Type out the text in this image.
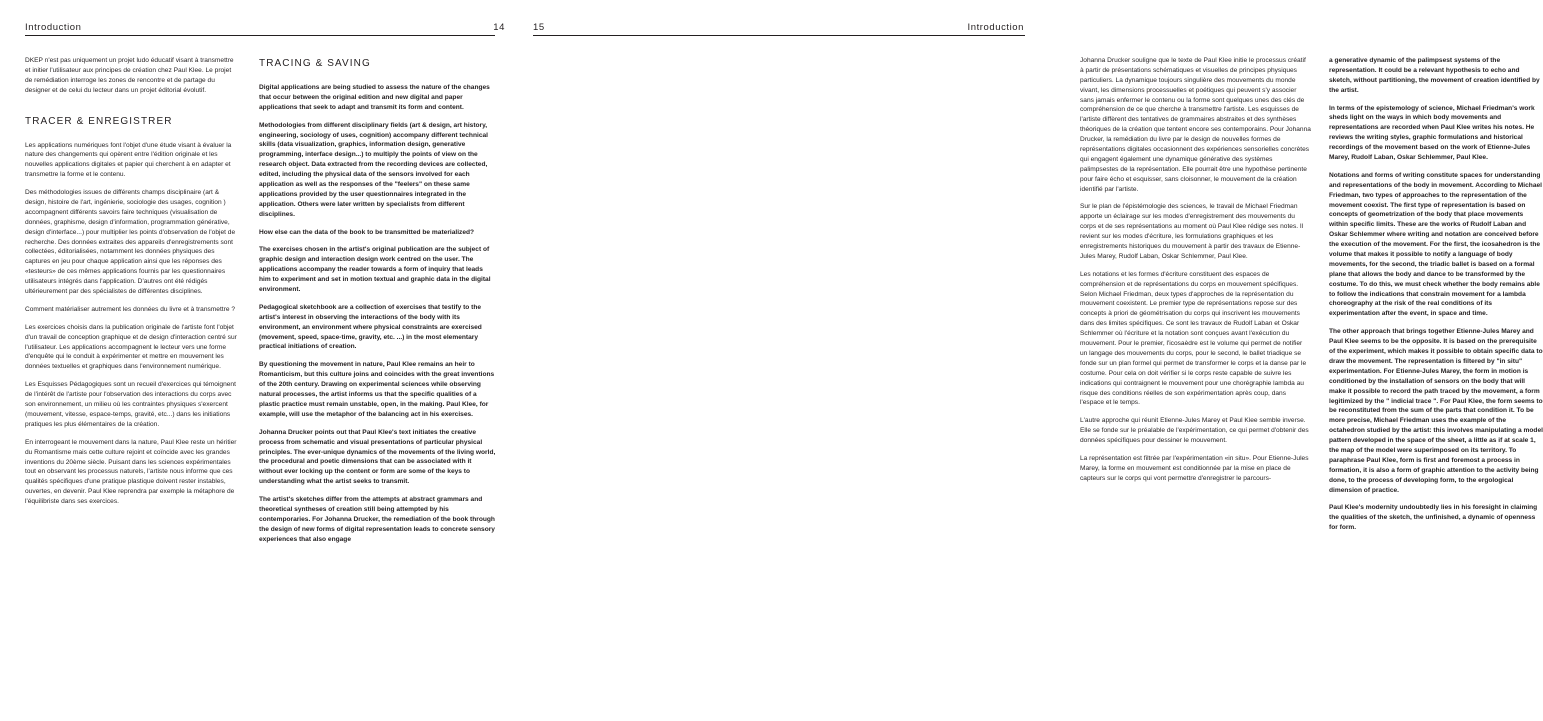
Introduction	14

DKEP n'est pas uniquement un projet ludo éducatif visant à transmettre et initier l'utilisateur aux principes de création chez Paul Klee. Le projet de remédiation interroge les zones de rencontre et de partage du designer et de celui du lecteur dans un projet éditorial évolutif.

TRACER & ENREGISTRER

Les applications numériques font l'objet d'une étude visant à évaluer la nature des changements qui opèrent entre l'édition originale et les nouvelles applications digitales et papier qui cherchent à en adapter et transmettre la forme et le contenu.

Des méthodologies issues de différents champs disciplinaire (art & design, histoire de l'art, ingénierie, sociologie des usages, cognition ) accompagnent différents savoirs faire techniques (visualisation de données, graphisme, design d'information, programmation générative, design d'interface...) pour multiplier les points d'observation de l'objet de recherche. Des données extraites des appareils d'enregistrements sont collectées, éditorialisées, notamment les données physiques des captures en jeu pour chaque application ainsi que les réponses des «testeurs» de ces mêmes applications fournis par les questionnaires utilisateurs intégrés dans l'application. D'autres ont été rédigés ultérieurement par des spécialistes de différentes disciplines.

Comment matérialiser autrement les données du livre et à transmettre ?

Les exercices choisis dans la publication originale de l'artiste font l'objet d'un travail de conception graphique et de design d'interaction centré sur l'utilisateur. Les applications accompagnent le lecteur vers une forme d'enquête qui le conduit à expérimenter et mettre en mouvement les données textuelles et graphiques dans l'environnement numérique.

Les Esquisses Pédagogiques sont un recueil d'exercices qui témoignent de l'intérêt de l'artiste pour l'observation des interactions du corps avec son environnement, un milieu où les contraintes physiques s'exercent (mouvement, vitesse, espace-temps, gravité, etc...) dans les initiations pratiques les plus élémentaires de la création.

En interrogeant le mouvement dans la nature, Paul Klee reste un héritier du Romantisme mais cette culture rejoint et coïncide avec les grandes inventions du 20ème siècle. Puisant dans les sciences expérimentales tout en observant les processus naturels, l'artiste nous informe que ces qualités spécifiques d'une pratique plastique doivent rester instables, ouvertes, en devenir. Paul Klee reprendra par exemple la métaphore de l'équilibriste dans ses exercices.

TRACING & SAVING

Digital applications are being studied to assess the nature of the changes that occur between the original edition and new digital and paper applications that seek to adapt and transmit its form and content.

Methodologies from different disciplinary fields (art & design, art history, engineering, sociology of uses, cognition) accompany different technical skills (data visualization, graphics, information design, generative programming, interface design...) to multiply the points of view on the research object. Data extracted from the recording devices are collected, edited, including the physical data of the sensors involved for each application as well as the responses of the "feelers" on these same applications provided by the user questionnaires integrated in the application. Others were later written by specialists from different disciplines.

How else can the data of the book to be transmitted be materialized?

The exercises chosen in the artist's original publication are the subject of graphic design and interaction design work centred on the user. The applications accompany the reader towards a form of inquiry that leads him to experiment and set in motion textual and graphic data in the digital environment.

Pedagogical sketchbook are a collection of exercises that testify to the artist's interest in observing the interactions of the body with its environment, an environment where physical constraints are exercised (movement, speed, space-time, gravity, etc. ...) in the most elementary practical initiations of creation.

By questioning the movement in nature, Paul Klee remains an heir to Romanticism, but this culture joins and coincides with the great inventions of the 20th century. Drawing on experimental sciences while observing natural processes, the artist informs us that the specific qualities of a plastic practice must remain unstable, open, in the making. Paul Klee, for example, will use the metaphor of the balancing act in his exercises.

Johanna Drucker points out that Paul Klee's text initiates the creative process from schematic and visual presentations of particular physical principles. The ever-unique dynamics of the movements of the living world, the procedural and poetic dimensions that can be associated with it without ever locking up the content or form are some of the keys to understanding what the artist seeks to transmit.

The artist's sketches differ from the attempts at abstract grammars and theoretical syntheses of creation still being attempted by his contemporaries. For Johanna Drucker, the remediation of the book through the design of new forms of digital representation leads to concrete sensory experiences that also engage

15	Introduction

Johanna Drucker souligne que le texte de Paul Klee initie le processus créatif à partir de présentations schématiques et visuelles de principes physiques particuliers. La dynamique toujours singulière des mouvements du monde vivant, les dimensions processuelles et poétiques qui peuvent s'y associer sans jamais enfermer le contenu ou la forme sont quelques unes des clés de compréhension de ce que cherche à transmettre l'artiste. Les esquisses de l'artiste diffèrent des tentatives de grammaires abstraites et des synthèses théoriques de la création que tentent encore ses contemporains. Pour Johanna Drucker, la remédiation du livre par le design de nouvelles formes de représentations digitales occasionnent des expériences sensorielles concrètes qui engagent également une dynamique générative des systèmes palimpsestes de la représentation. Elle pourrait être une hypothèse pertinente pour faire écho et esquisser, sans cloisonner, le mouvement de la création identifié par l'artiste.

Sur le plan de l'épistémologie des sciences, le travail de Michael Friedman apporte un éclairage sur les modes d'enregistrement des mouvements du corps et de ses représentations au moment où Paul Klee rédige ses notes. Il revient sur les modes d'écriture, les formulations graphiques et les enregistrements historiques du mouvement à partir des travaux de Etienne-Jules Marey, Rudolf Laban, Oskar Schlemmer, Paul Klee.

Les notations et les formes d'écriture constituent des espaces de compréhension et de représentations du corps en mouvement spécifiques. Selon Michael Friedman, deux types d'approches de la représentation du mouvement coexistent. Le premier type de représentations repose sur des concepts à priori de géométrisation du corps qui inscrivent les mouvements dans des limites spécifiques. Ce sont les travaux de Rudolf Laban et Oskar Schlemmer où l'écriture et la notation sont conçues avant l'exécution du mouvement. Pour le premier, l'icosaèdre est le volume qui permet de notifier un langage des mouvements du corps, pour le second, le ballet triadique se fonde sur un plan formel qui permet de transformer le corps et la danse par le costume. Pour cela on doit vérifier si le corps reste capable de suivre les indications qui contraignent le mouvement pour une chorégraphie lambda au risque des conditions réelles de son expérimentation après coup, dans l'espace et le temps.

L'autre approche qui réunit Etienne-Jules Marey et Paul Klee semble inverse. Elle se fonde sur le préalable de l'expérimentation, ce qui permet d'obtenir des données spécifiques pour dessiner le mouvement.

La représentation est filtrée par l'expérimentation «in situ». Pour Etienne-Jules Marey, la forme en mouvement est conditionnée par la mise en place de capteurs sur le corps qui vont permettre d'enregistrer le parcours-

a generative dynamic of the palimpsest systems of the representation. It could be a relevant hypothesis to echo and sketch, without partitioning, the movement of creation identified by the artist.

In terms of the epistemology of science, Michael Friedman's work sheds light on the ways in which body movements and representations are recorded when Paul Klee writes his notes. He reviews the writing styles, graphic formulations and historical recordings of the movement based on the work of Etienne-Jules Marey, Rudolf Laban, Oskar Schlemmer, Paul Klee.

Notations and forms of writing constitute spaces for understanding and representations of the body in movement. According to Michael Friedman, two types of approaches to the representation of the movement coexist. The first type of representation is based on concepts of geometrization of the body that place movements within specific limits. These are the works of Rudolf Laban and Oskar Schlemmer where writing and notation are conceived before the execution of the movement. For the first, the icosahedron is the volume that makes it possible to notify a language of body movements, for the second, the triadic ballet is based on a formal plane that allows the body and dance to be transformed by the costume. To do this, we must check whether the body remains able to follow the indications that constrain movement for a lambda choreography at the risk of the real conditions of its experimentation after the event, in space and time.

The other approach that brings together Etienne-Jules Marey and Paul Klee seems to be the opposite. It is based on the prerequisite of the experiment, which makes it possible to obtain specific data to draw the movement. The representation is filtered by "in situ" experimentation. For Etienne-Jules Marey, the form in motion is conditioned by the installation of sensors on the body that will make it possible to record the path traced by the movement, a form legitimized by the " indicial trace ". For Paul Klee, the form seems to be reconstituted from the sum of the parts that condition it. To be more precise, Michael Friedman uses the example of the octahedron studied by the artist: this involves manipulating a model pattern developed in the space of the sheet, a little as if at scale 1, the map of the model were superimposed on its territory. To paraphrase Paul Klee, form is first and foremost a process in formation, it is also a form of graphic attention to the activity being done, to the process of developing form, to the ergological dimension of practice.

Paul Klee's modernity undoubtedly lies in his foresight in claiming the qualities of the sketch, the unfinished, a dynamic of openness for form.
